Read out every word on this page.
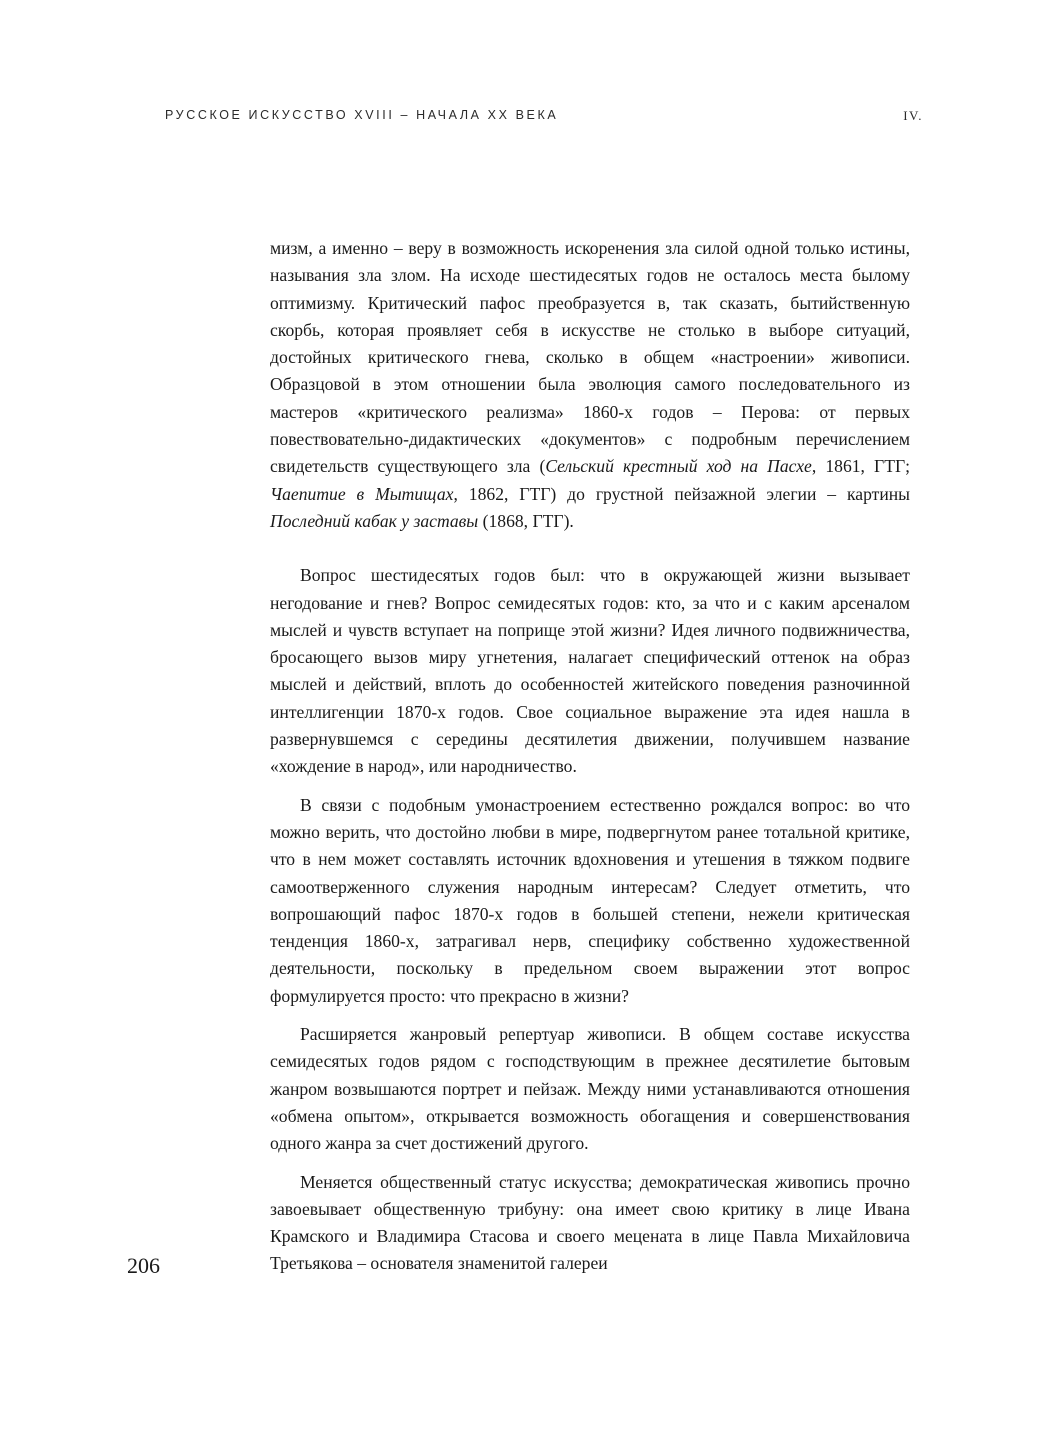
РУССКОЕ ИСКУССТВО XVIII – НАЧАЛА XX ВЕКА	IV.

мизм, а именно – веру в возможность искоренения зла силой одной только истины, называния зла злом. На исходе шестидесятых годов не осталось места былому оптимизму. Критический пафос преобразуется в, так сказать, бытийственную скорбь, которая проявляет себя в искусстве не столько в выборе ситуаций, достойных критического гнева, сколько в общем «настроении» живописи. Образцовой в этом отношении была эволюция самого последовательного из мастеров «критического реализма» 1860-х годов – Перова: от первых повествовательно-дидактических «документов» с подробным перечислением свидетельств существующего зла (Сельский крестный ход на Пасхе, 1861, ГТГ; Чаепитие в Мытищах, 1862, ГТГ) до грустной пейзажной элегии – картины Последний кабак у заставы (1868, ГТГ).

Вопрос шестидесятых годов был: что в окружающей жизни вызывает негодование и гнев? Вопрос семидесятых годов: кто, за что и с каким арсеналом мыслей и чувств вступает на поприще этой жизни? Идея личного подвижничества, бросающего вызов миру угнетения, налагает специфический оттенок на образ мыслей и действий, вплоть до особенностей житейского поведения разночинной интеллигенции 1870-х годов. Свое социальное выражение эта идея нашла в развернувшемся с середины десятилетия движении, получившем название «хождение в народ», или народничество.

В связи с подобным умонастроением естественно рождался вопрос: во что можно верить, что достойно любви в мире, подвергнутом ранее тотальной критике, что в нем может составлять источник вдохновения и утешения в тяжком подвиге самоотверженного служения народным интересам? Следует отметить, что вопрошающий пафос 1870-х годов в большей степени, нежели критическая тенденция 1860-х, затрагивал нерв, специфику собственно художественной деятельности, поскольку в предельном своем выражении этот вопрос формулируется просто: что прекрасно в жизни?

Расширяется жанровый репертуар живописи. В общем составе искусства семидесятых годов рядом с господствующим в прежнее десятилетие бытовым жанром возвышаются портрет и пейзаж. Между ними устанавливаются отношения «обмена опытом», открывается возможность обогащения и совершенствования одного жанра за счет достижений другого.

Меняется общественный статус искусства; демократическая живопись прочно завоевывает общественную трибуну: она имеет свою критику в лице Ивана Крамского и Владимира Стасова и своего мецената в лице Павла Михайловича Третьякова – основателя знаменитой галереи

206
